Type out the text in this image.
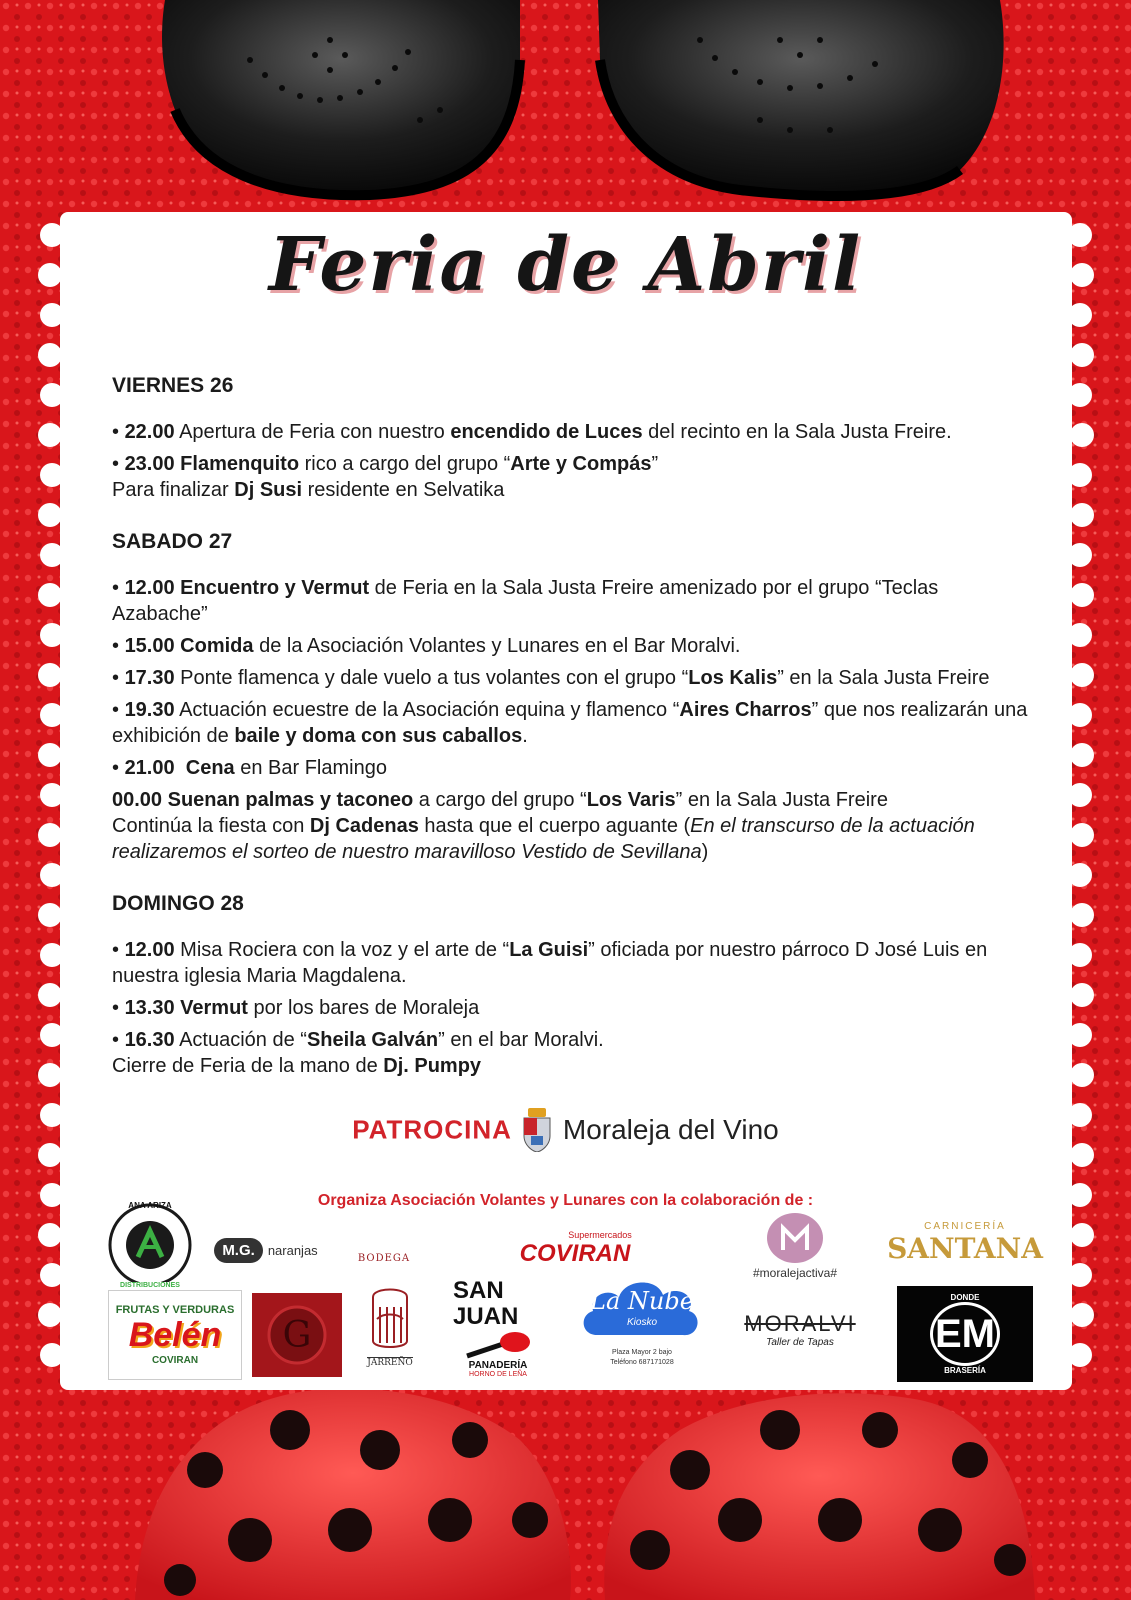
Feria de Abril
VIERNES 26
• 22.00 Apertura de Feria con nuestro encendido de Luces del recinto en la Sala Justa Freire.
• 23.00 Flamenquito rico a cargo del grupo “Arte y Compás”
Para finalizar Dj Susi residente en Selvatika
SABADO 27
• 12.00 Encuentro y Vermut de Feria en la Sala Justa Freire amenizado por el grupo “Teclas Azabache”
• 15.00 Comida de la Asociación Volantes y Lunares en el Bar Moralvi.
• 17.30 Ponte flamenca y dale vuelo a tus volantes con el grupo “Los Kalis” en la Sala Justa Freire
• 19.30 Actuación ecuestre de la Asociación equina y flamenco “Aires Charros” que nos realizarán una exhibición de baile y doma con sus caballos.
• 21.00 Cena en Bar Flamingo
00.00 Suenan palmas y taconeo a cargo del grupo “Los Varis” en la Sala Justa Freire
Continúa la fiesta con Dj Cadenas hasta que el cuerpo aguante (En el transcurso de la actuación realizaremos el sorteo de nuestro maravilloso Vestido de Sevillana)
DOMINGO 28
• 12.00 Misa Rociera con la voz y el arte de “La Guisi” oficiada por nuestro párroco D José Luis en nuestra iglesia Maria Magdalena.
• 13.30 Vermut por los bares de Moraleja
• 16.30 Actuación de “Sheila Galván” en el bar Moralvi.
Cierre de Feria de la mano de Dj. Pumpy
PATROCINA Moraleja del Vino
Organiza Asociación Volantes y Lunares con la colaboración de :
ANA ARIZA
DISTRIBUCIONES
M.G.	naranjas
BODEGA
Supermercados
COVIRAN
#moralejactiva#
CARNICERÍA
SANTANA
FRUTAS Y VERDURAS
Belén
COVIRAN
G
JARREÑO
SAN JUAN
PANADERÍA
HORNO DE LEÑA
La Nube
Kiosko
Plaza Mayor 2 bajo
Teléfono 687171028
MORALVI
Taller de Tapas
DONDE
EM
BRASERÍA
